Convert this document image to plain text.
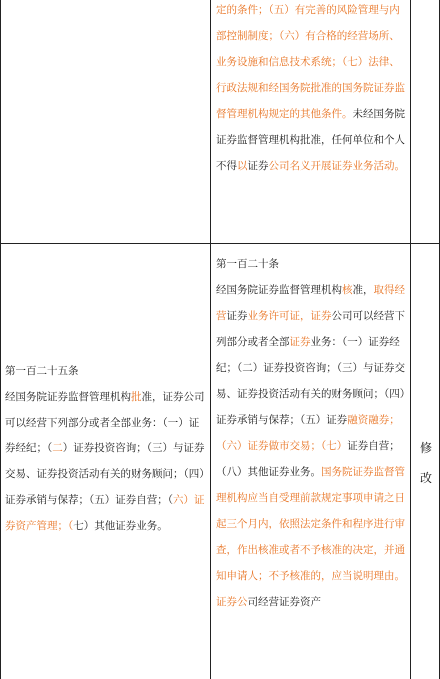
定的条件；（五）有完善的风险管理与内部控制制度；（六）有合格的经营场所、业务设施和信息技术系统；（七）法律、行政法规和经国务院批准的国务院证券监督管理机构规定的其他条件。未经国务院证券监督管理机构批准，任何单位和个人不得以证券公司名义开展证券业务活动。
第一百二十五条
经国务院证券监督管理机构批准，证券公司可以经营下列部分或者全部业务：（一）证券经纪；（二）证券投资咨询；（三）与证券交易、证券投资活动有关的财务顾问；（四）证券承销与保荐；（五）证券自营；（六）证券资产管理；（七）其他证券业务。
第一百二十条
经国务院证券监督管理机构核准，取得经营证券业务许可证，证券公司可以经营下列部分或者全部证券业务：（一）证券经纪；（二）证券投资咨询；（三）与证券交易、证券投资活动有关的财务顾问；（四）证券承销与保荐；（五）证券融资融券；（六）证券做市交易；（七）证券自营；（八）其他证券业务。国务院证券监督管理机构应当自受理前款规定事项申请之日起三个月内，依照法定条件和程序进行审查，作出核准或者不予核准的决定，并通知申请人；不予核准的，应当说明理由。证券公司经营证券资产
修
改
